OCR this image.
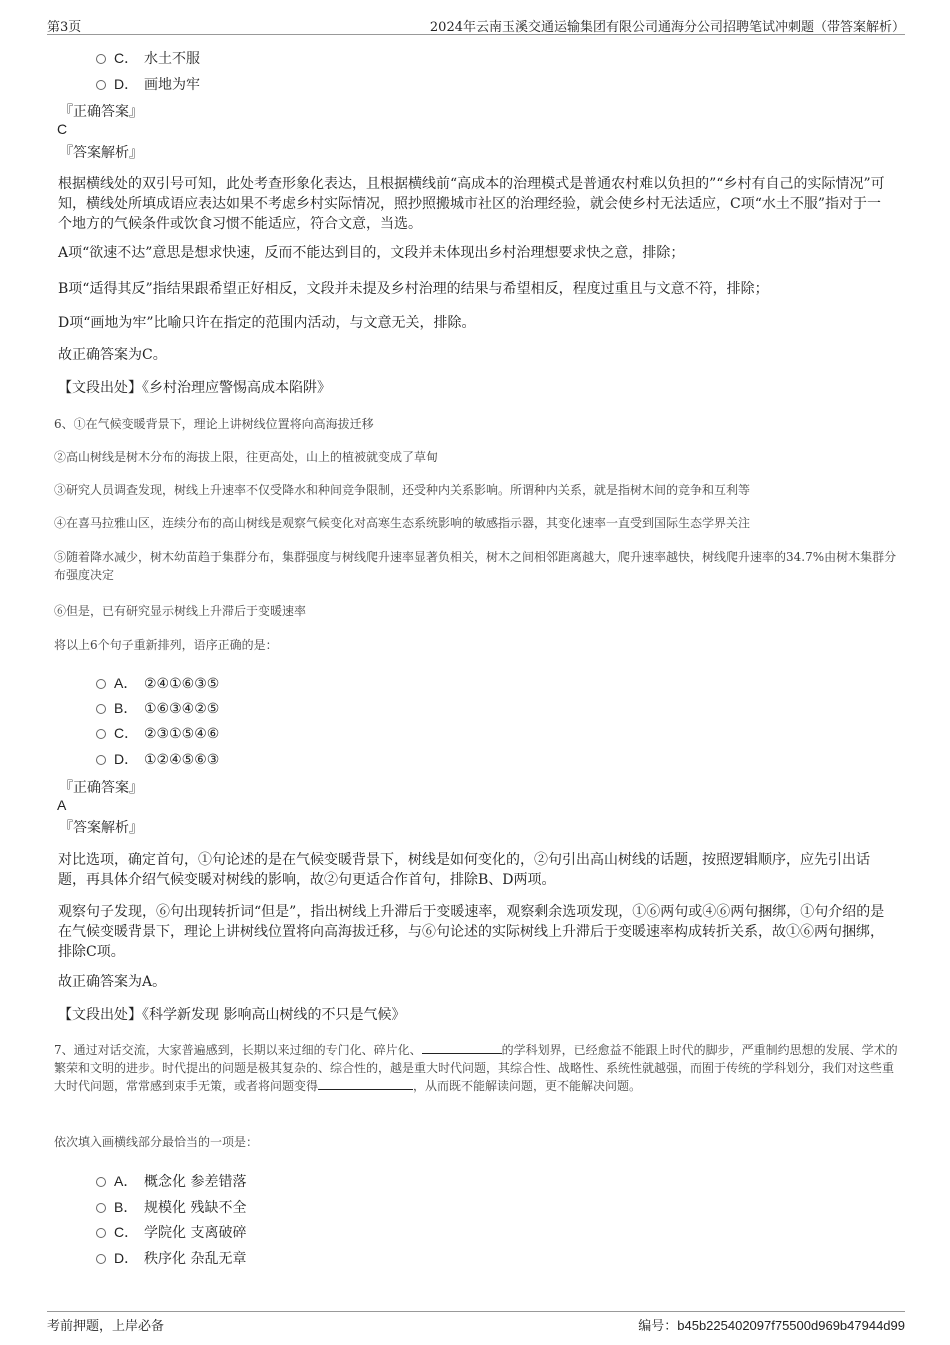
第3页	2024年云南玉溪交通运输集团有限公司通海分公司招聘笔试冲刺题（带答案解析）
C． 水土不服
D． 画地为牢
『正确答案』
C
『答案解析』
根据横线处的双引号可知，此处考查形象化表达，且根据横线前“高成本的治理模式是普通农村难以负担的”“乡村有自己的实际情况”可知，横线处所填成语应表达如果不考虑乡村实际情况，照抄照搬城市社区的治理经验，就会使乡村无法适应，C项“水土不服”指对于一个地方的气候条件或饮食习惯不能适应，符合文意，当选。
A项“欲速不达”意思是想求快速，反而不能达到目的，文段并未体现出乡村治理想要求快之意，排除；
B项“适得其反”指结果跟希望正好相反，文段并未提及乡村治理的结果与希望相反，程度过重且与文意不符，排除；
D项“画地为牢”比喻只许在指定的范围内活动，与文意无关，排除。
故正确答案为C。
【文段出处】《乡村治理应警惕高成本陷阱》
6、①在气候变暖背景下，理论上讲树线位置将向高海拔迁移
②高山树线是树木分布的海拔上限，往更高处，山上的植被就变成了草甸
③研究人员调查发现，树线上升速率不仅受降水和种间竞争限制，还受种内关系影响。所谓种内关系，就是指树木间的竞争和互利等
④在喜马拉雅山区，连续分布的高山树线是观察气候变化对高寒生态系统影响的敏感指示器，其变化速率一直受到国际生态学界关注
⑤随着降水减少，树木幼苗趋于集群分布，集群强度与树线爬升速率显著负相关，树木之间相邻距离越大，爬升速率越快，树线爬升速率的34.7%由树木集群分布强度决定
⑥但是，已有研究显示树线上升滞后于变暖速率
将以上6个句子重新排列，语序正确的是：
A． ②④①⑥③⑤
B． ①⑥③④②⑤
C． ②③①⑤④⑥
D． ①②④⑤⑥③
『正确答案』
A
『答案解析』
对比选项，确定首句，①句论述的是在气候变暖背景下，树线是如何变化的，②句引出高山树线的话题，按照逻辑顺序，应先引出话题，再具体介绍气候变暖对树线的影响，故②句更适合作首句，排除B、D两项。
观察句子发现，⑥句出现转折词“但是”，指出树线上升滞后于变暖速率，观察剩余选项发现，①⑥两句或④⑥两句捆绑，①句介绍的是在气候变暖背景下，理论上讲树线位置将向高海拔迁移，与⑥句论述的实际树线上升滞后于变暖速率构成转折关系，故①⑥两句捆绑，排除C项。
故正确答案为A。
【文段出处】《科学新发现 影响高山树线的不只是气候》
7、通过对话交流，大家普遍感到，长期以来过细的专门化、碎片化、	的学科划界，已经愈益不能跟上时代的脚步，严重制约思想的发展、学术的繁荣和文明的进步。时代提出的问题是极其复杂的、综合性的，越是重大时代问题，其综合性、战略性、系统性就越强，而囿于传统的学科划分，我们对这些重大时代问题，常常感到束手无策，或者将问题变得	，从而既不能解读问题，更不能解决问题。
依次填入画横线部分最恰当的一项是：
A． 概念化 参差错落
B． 规模化 残缺不全
C． 学院化 支离破碎
D． 秩序化 杂乱无章
考前押题，上岸必备	编号：b45b225402097f75500d969b47944d99
